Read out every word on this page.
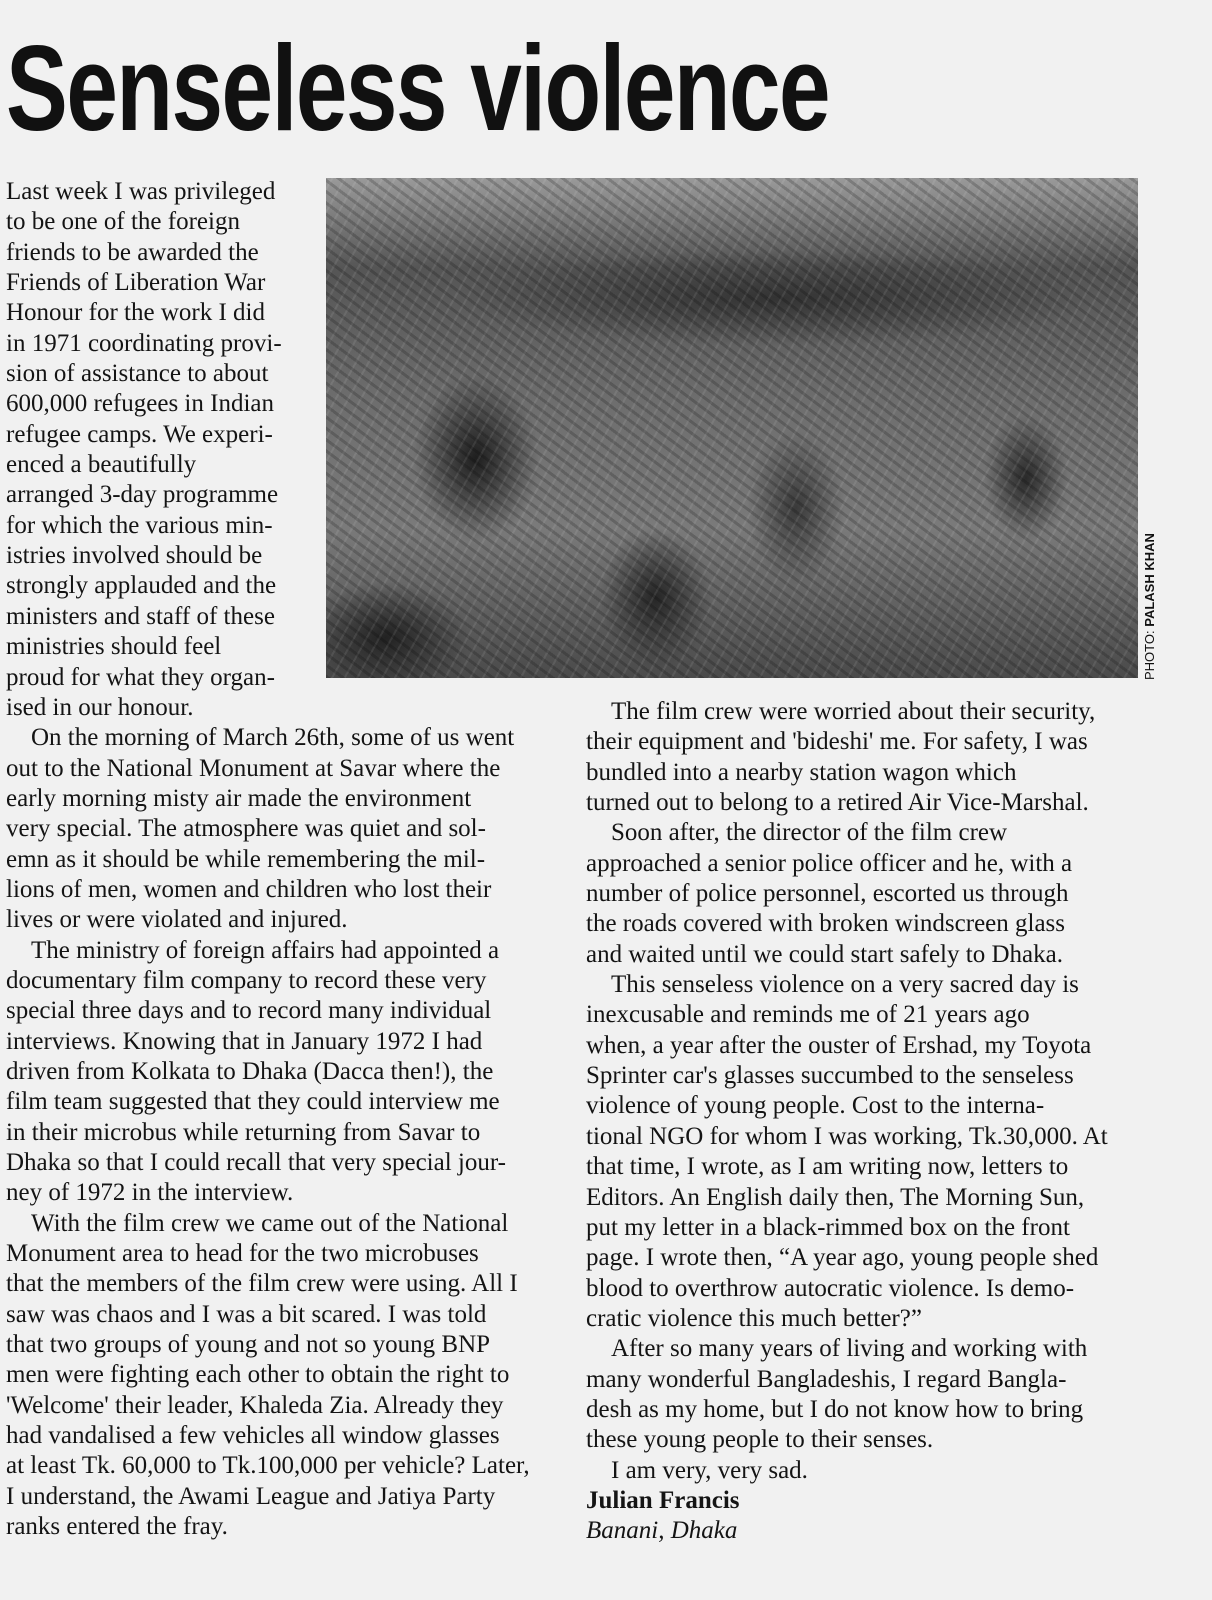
Senseless violence
PHOTO: PALASH KHAN
Last week I was privileged
to be one of the foreign
friends to be awarded the
Friends of Liberation War
Honour for the work I did
in 1971 coordinating provi-
sion of assistance to about
600,000 refugees in Indian
refugee camps. We experi-
enced a beautifully
arranged 3-day programme
for which the various min-
istries involved should be
strongly applauded and the
ministers and staff of these
ministries should feel
proud for what they organ-
ised in our honour.
On the morning of March 26th, some of us went
out to the National Monument at Savar where the
early morning misty air made the environment
very special. The atmosphere was quiet and sol-
emn as it should be while remembering the mil-
lions of men, women and children who lost their
lives or were violated and injured.
The ministry of foreign affairs had appointed a
documentary film company to record these very
special three days and to record many individual
interviews. Knowing that in January 1972 I had
driven from Kolkata to Dhaka (Dacca then!), the
film team suggested that they could interview me
in their microbus while returning from Savar to
Dhaka so that I could recall that very special jour-
ney of 1972 in the interview.
With the film crew we came out of the National
Monument area to head for the two microbuses
that the members of the film crew were using. All I
saw was chaos and I was a bit scared. I was told
that two groups of young and not so young BNP
men were fighting each other to obtain the right to
'Welcome' their leader, Khaleda Zia. Already they
had vandalised a few vehicles all window glasses
at least Tk. 60,000 to Tk.100,000 per vehicle? Later,
I understand, the Awami League and Jatiya Party
ranks entered the fray.
The film crew were worried about their security,
their equipment and 'bideshi' me. For safety, I was
bundled into a nearby station wagon which
turned out to belong to a retired Air Vice-Marshal.
Soon after, the director of the film crew
approached a senior police officer and he, with a
number of police personnel, escorted us through
the roads covered with broken windscreen glass
and waited until we could start safely to Dhaka.
This senseless violence on a very sacred day is
inexcusable and reminds me of 21 years ago
when, a year after the ouster of Ershad, my Toyota
Sprinter car's glasses succumbed to the senseless
violence of young people. Cost to the interna-
tional NGO for whom I was working, Tk.30,000. At
that time, I wrote, as I am writing now, letters to
Editors. An English daily then, The Morning Sun,
put my letter in a black-rimmed box on the front
page. I wrote then, “A year ago, young people shed
blood to overthrow autocratic violence. Is demo-
cratic violence this much better?”
After so many years of living and working with
many wonderful Bangladeshis, I regard Bangla-
desh as my home, but I do not know how to bring
these young people to their senses.
I am very, very sad.
Julian Francis
Banani, Dhaka
